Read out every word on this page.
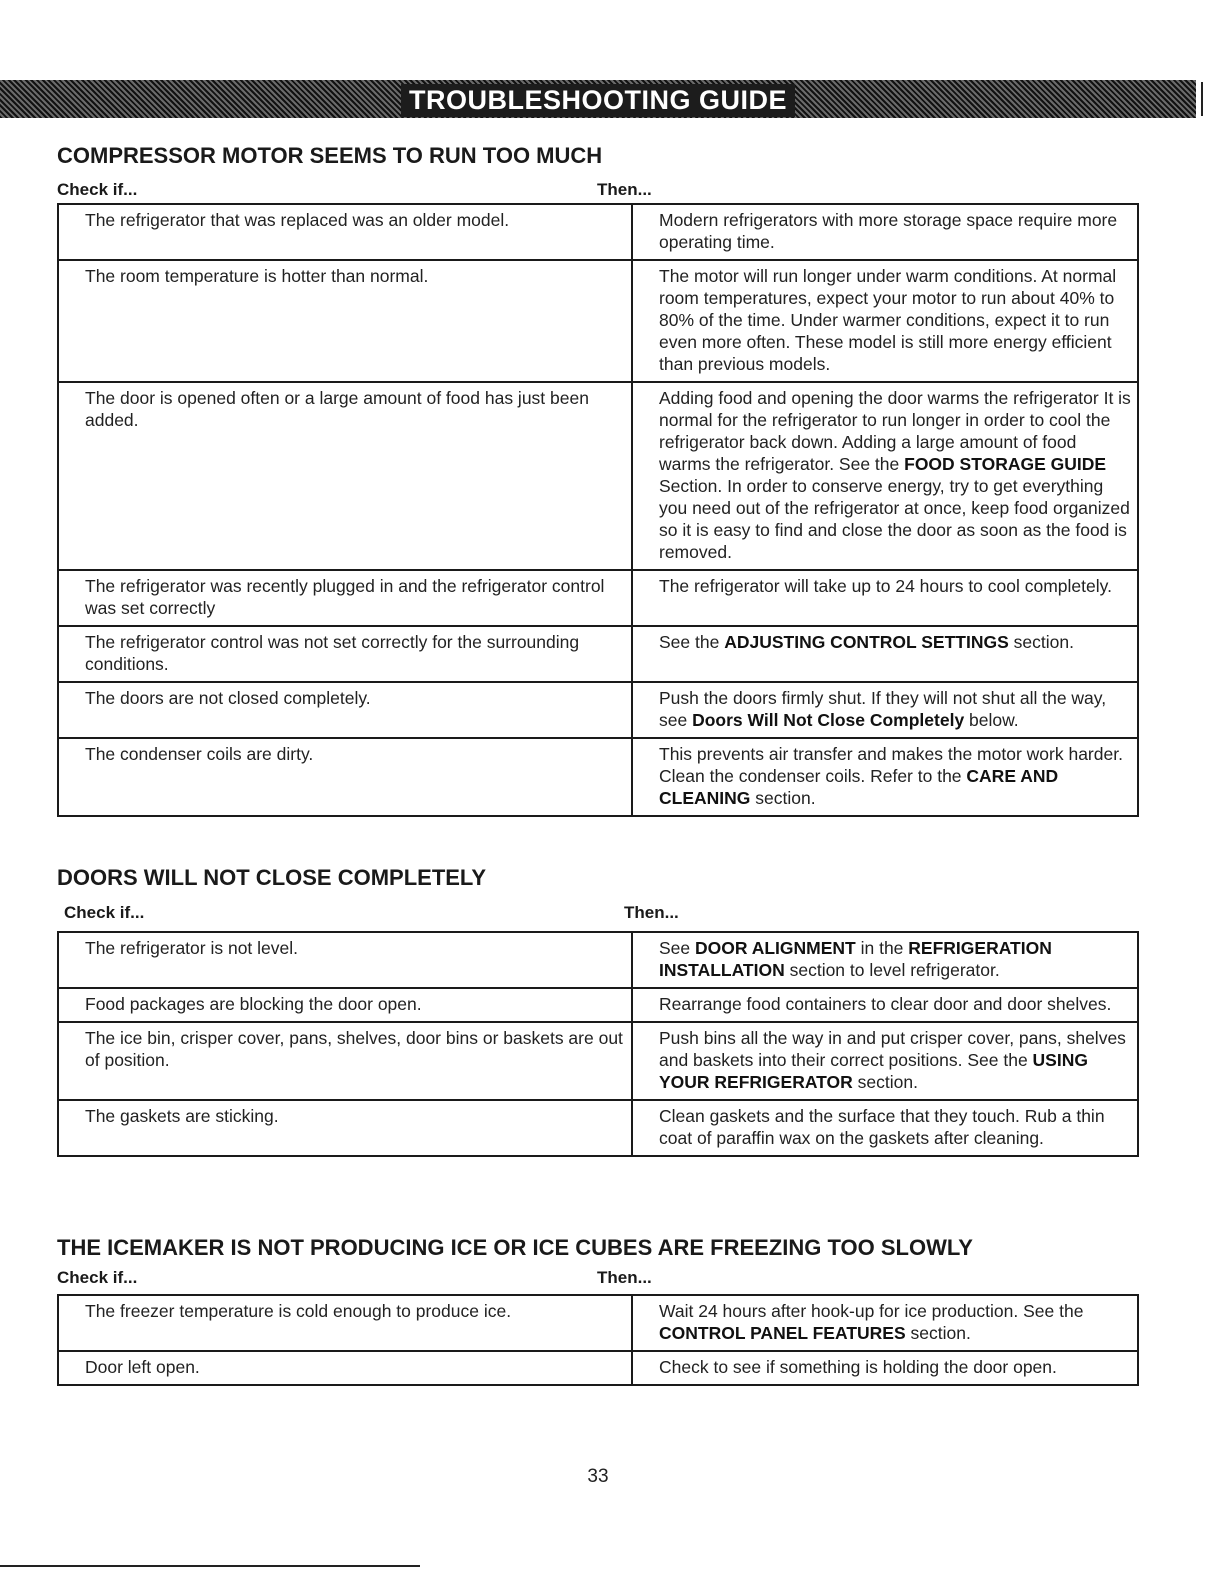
TROUBLESHOOTING GUIDE
COMPRESSOR MOTOR SEEMS TO RUN TOO MUCH
Check if...	Then...
The refrigerator that was replaced was an older model.	Modern refrigerators with more storage space require more operating time.
The room temperature is hotter than normal.	The motor will run longer under warm conditions. At normal room temperatures, expect your motor to run about 40% to 80% of the time. Under warmer conditions, expect it to run even more often. These model is still more energy efficient than previous models.
The door is opened often or a large amount of food has just been added.	Adding food and opening the door warms the refrigerator It is normal for the refrigerator to run longer in order to cool the refrigerator back down. Adding a large amount of food warms the refrigerator. See the FOOD STORAGE GUIDE Section. In order to conserve energy, try to get everything you need out of the refrigerator at once, keep food organized so it is easy to find and close the door as soon as the food is removed.
The refrigerator was recently plugged in and the refrigerator control was set correctly	The refrigerator will take up to 24 hours to cool completely.
The refrigerator control was not set correctly for the surrounding conditions.	See the ADJUSTING CONTROL SETTINGS section.
The doors are not closed completely.	Push the doors firmly shut. If they will not shut all the way, see Doors Will Not Close Completely below.
The condenser coils are dirty.	This prevents air transfer and makes the motor work harder. Clean the condenser coils. Refer to the CARE AND CLEANING section.
DOORS WILL NOT CLOSE COMPLETELY
Check if...	Then...
The refrigerator is not level.	See DOOR ALIGNMENT in the REFRIGERATION INSTALLATION section to level refrigerator.
Food packages are blocking the door open.	Rearrange food containers to clear door and door shelves.
The ice bin, crisper cover, pans, shelves, door bins or baskets are out of position.	Push bins all the way in and put crisper cover, pans, shelves and baskets into their correct positions. See the USING YOUR REFRIGERATOR section.
The gaskets are sticking.	Clean gaskets and the surface that they touch. Rub a thin coat of paraffin wax on the gaskets after cleaning.
THE ICEMAKER IS NOT PRODUCING ICE OR ICE CUBES ARE FREEZING TOO SLOWLY
Check if...	Then...
The freezer temperature is cold enough to produce ice.	Wait 24 hours after hook-up for ice production. See the CONTROL PANEL FEATURES section.
Door left open.	Check to see if something is holding the door open.
33
